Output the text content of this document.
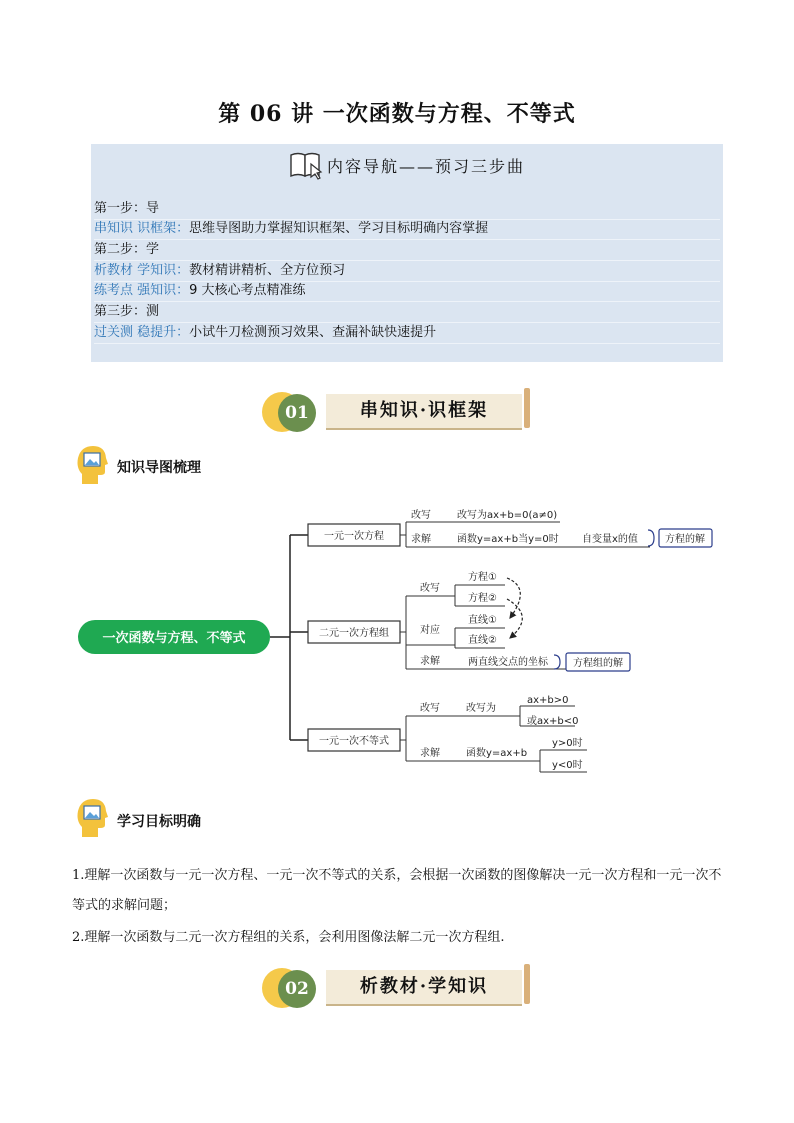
第 06 讲 一次函数与方程、不等式
内容导航——预习三步曲
第一步：导
串知识 识框架：思维导图助力掌握知识框架、学习目标明确内容掌握
第二步：学
析教材 学知识：教材精讲精析、全方位预习
练考点 强知识：9 大核心考点精准练
第三步：测
过关测 稳提升：小试牛刀检测预习效果、查漏补缺快速提升
01	串知识·识框架
知识导图梳理
一次函数与方程、不等式
一元一次方程
改写	改写为ax+b=0(a≠0)
求解	函数y=ax+b当y=0时 自变量x的值	方程的解
二元一次方程组
改写
对应
求解
方程①
方程②
直线①
直线②
两直线交点的坐标	方程组的解
一元一次不等式
改写	改写为
ax+b>0
或ax+b<0
求解	函数y=ax+b
y>0时
y<0时
学习目标明确
1.理解一次函数与一元一次方程、一元一次不等式的关系，会根据一次函数的图像解决一元一次方程和一元一次不等式的求解问题；
2.理解一次函数与二元一次方程组的关系，会利用图像法解二元一次方程组.
02	析教材·学知识
